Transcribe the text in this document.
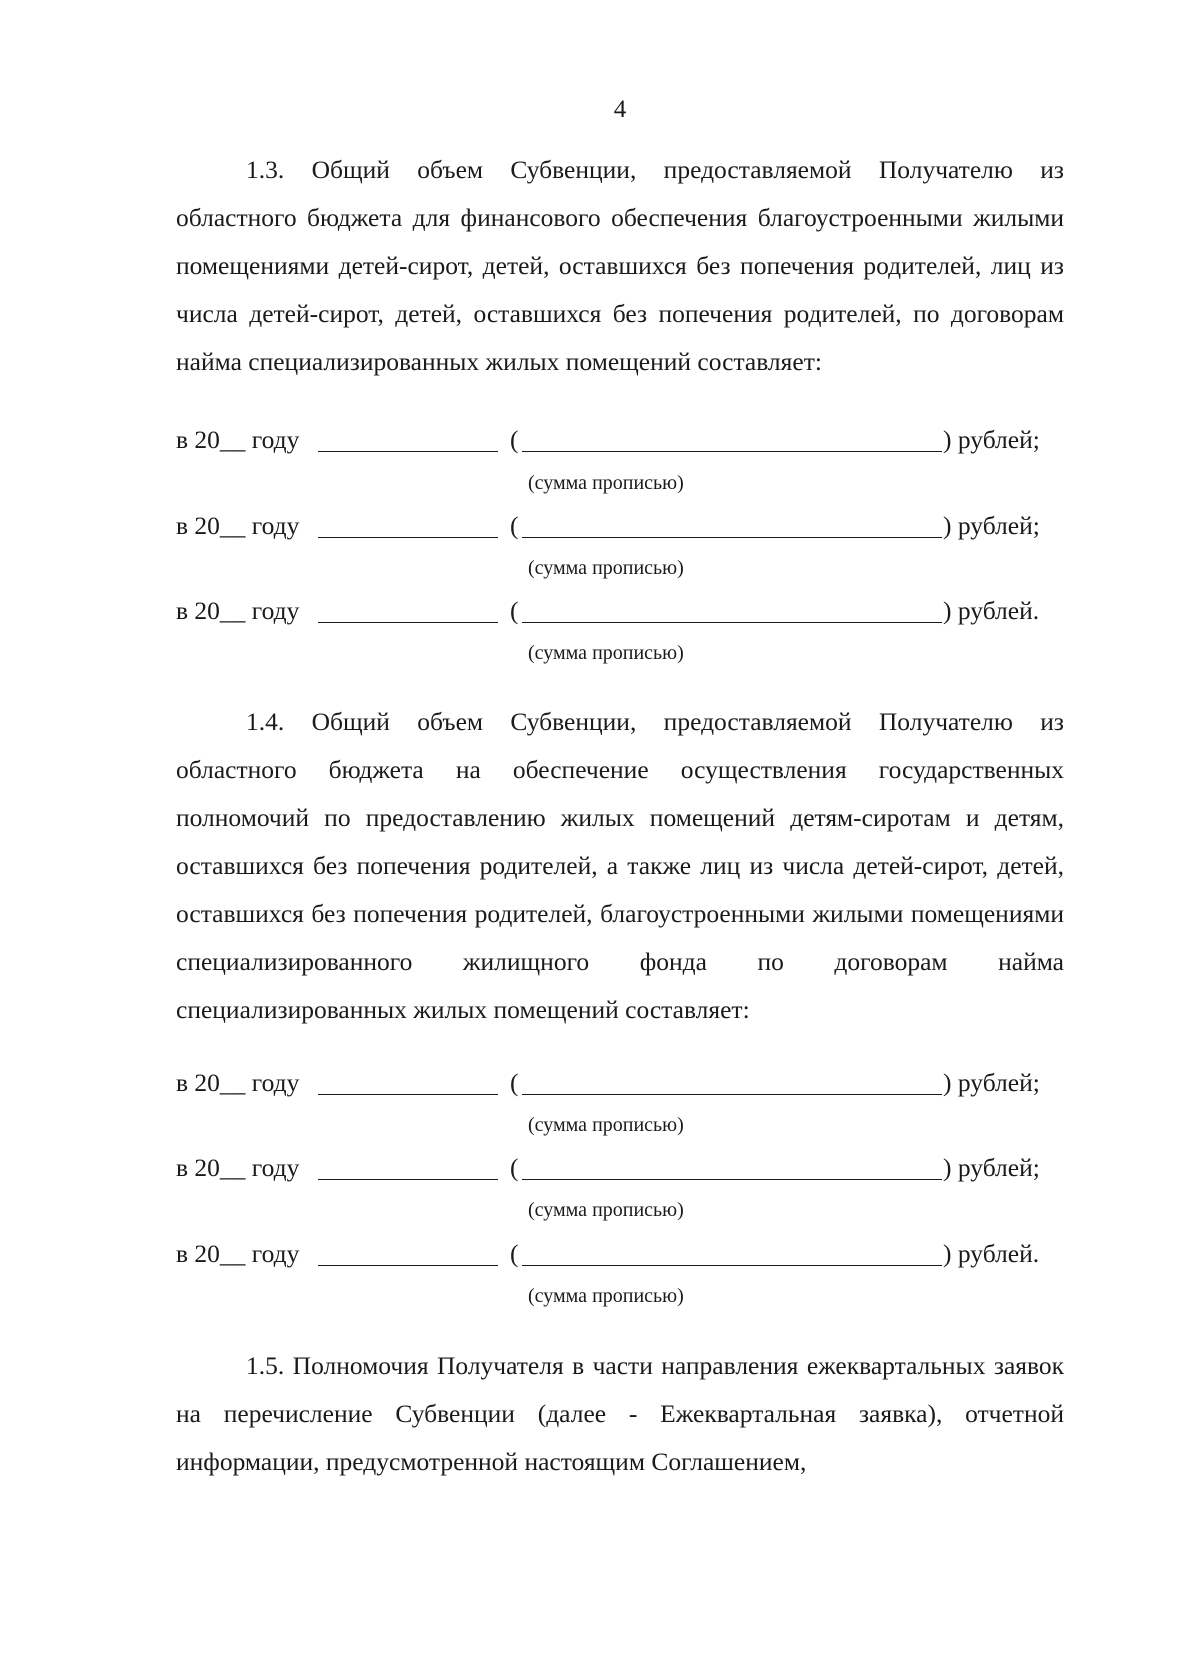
4

1.3. Общий объем Субвенции, предоставляемой Получателю из областного бюджета для финансового обеспечения благоустроенными жилыми помещениями детей-сирот, детей, оставшихся без попечения родителей, лиц из числа детей-сирот, детей, оставшихся без попечения родителей, по договорам найма специализированных жилых помещений составляет:

в 20__ году	(	) рублей;
(сумма прописью)
в 20__ году	(	) рублей;
(сумма прописью)
в 20__ году	(	) рублей.
(сумма прописью)

1.4. Общий объем Субвенции, предоставляемой Получателю из областного бюджета на обеспечение осуществления государственных полномочий по предоставлению жилых помещений детям-сиротам и детям, оставшихся без попечения родителей, а также лиц из числа детей-сирот, детей, оставшихся без попечения родителей, благоустроенными жилыми помещениями специализированного жилищного фонда по договорам найма специализированных жилых помещений составляет:

в 20__ году	(	) рублей;
(сумма прописью)
в 20__ году	(	) рублей;
(сумма прописью)
в 20__ году	(	) рублей.
(сумма прописью)

1.5. Полномочия Получателя в части направления ежеквартальных заявок на перечисление Субвенции (далее - Ежеквартальная заявка), отчетной информации, предусмотренной настоящим Соглашением,
